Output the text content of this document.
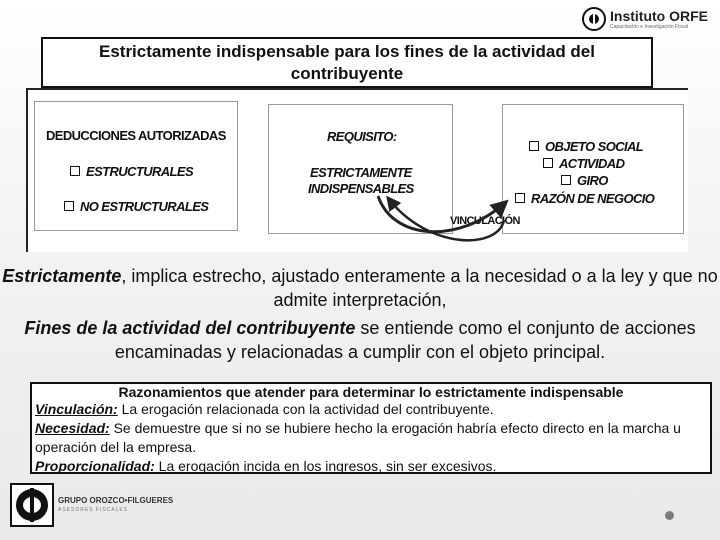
Instituto ORFE
Capacitación e Investigación Fiscal
Estrictamente indispensable para los fines de la actividad del contribuyente
DEDUCCIONES AUTORIZADAS
ESTRUCTURALES
NO ESTRUCTURALES
REQUISITO:
ESTRICTAMENTE
INDISPENSABLES
OBJETO SOCIAL
ACTIVIDAD
GIRO
RAZÓN DE NEGOCIO
VINCULACIÓN
Estrictamente, implica estrecho, ajustado enteramente a la necesidad o a la ley y que no admite interpretación,
Fines de la actividad del contribuyente se entiende como el conjunto de acciones encaminadas y relacionadas a cumplir con el objeto principal.
Razonamientos que atender para determinar lo estrictamente indispensable
Vinculación: La erogación relacionada con la actividad del contribuyente.
Necesidad: Se demuestre que si no se hubiere hecho la erogación habría efecto directo en la marcha u operación del la empresa.
Proporcionalidad: La erogación incida en los ingresos, sin ser excesivos.
GRUPO OROZCO•FILGUERES
ASESORES FISCALES
